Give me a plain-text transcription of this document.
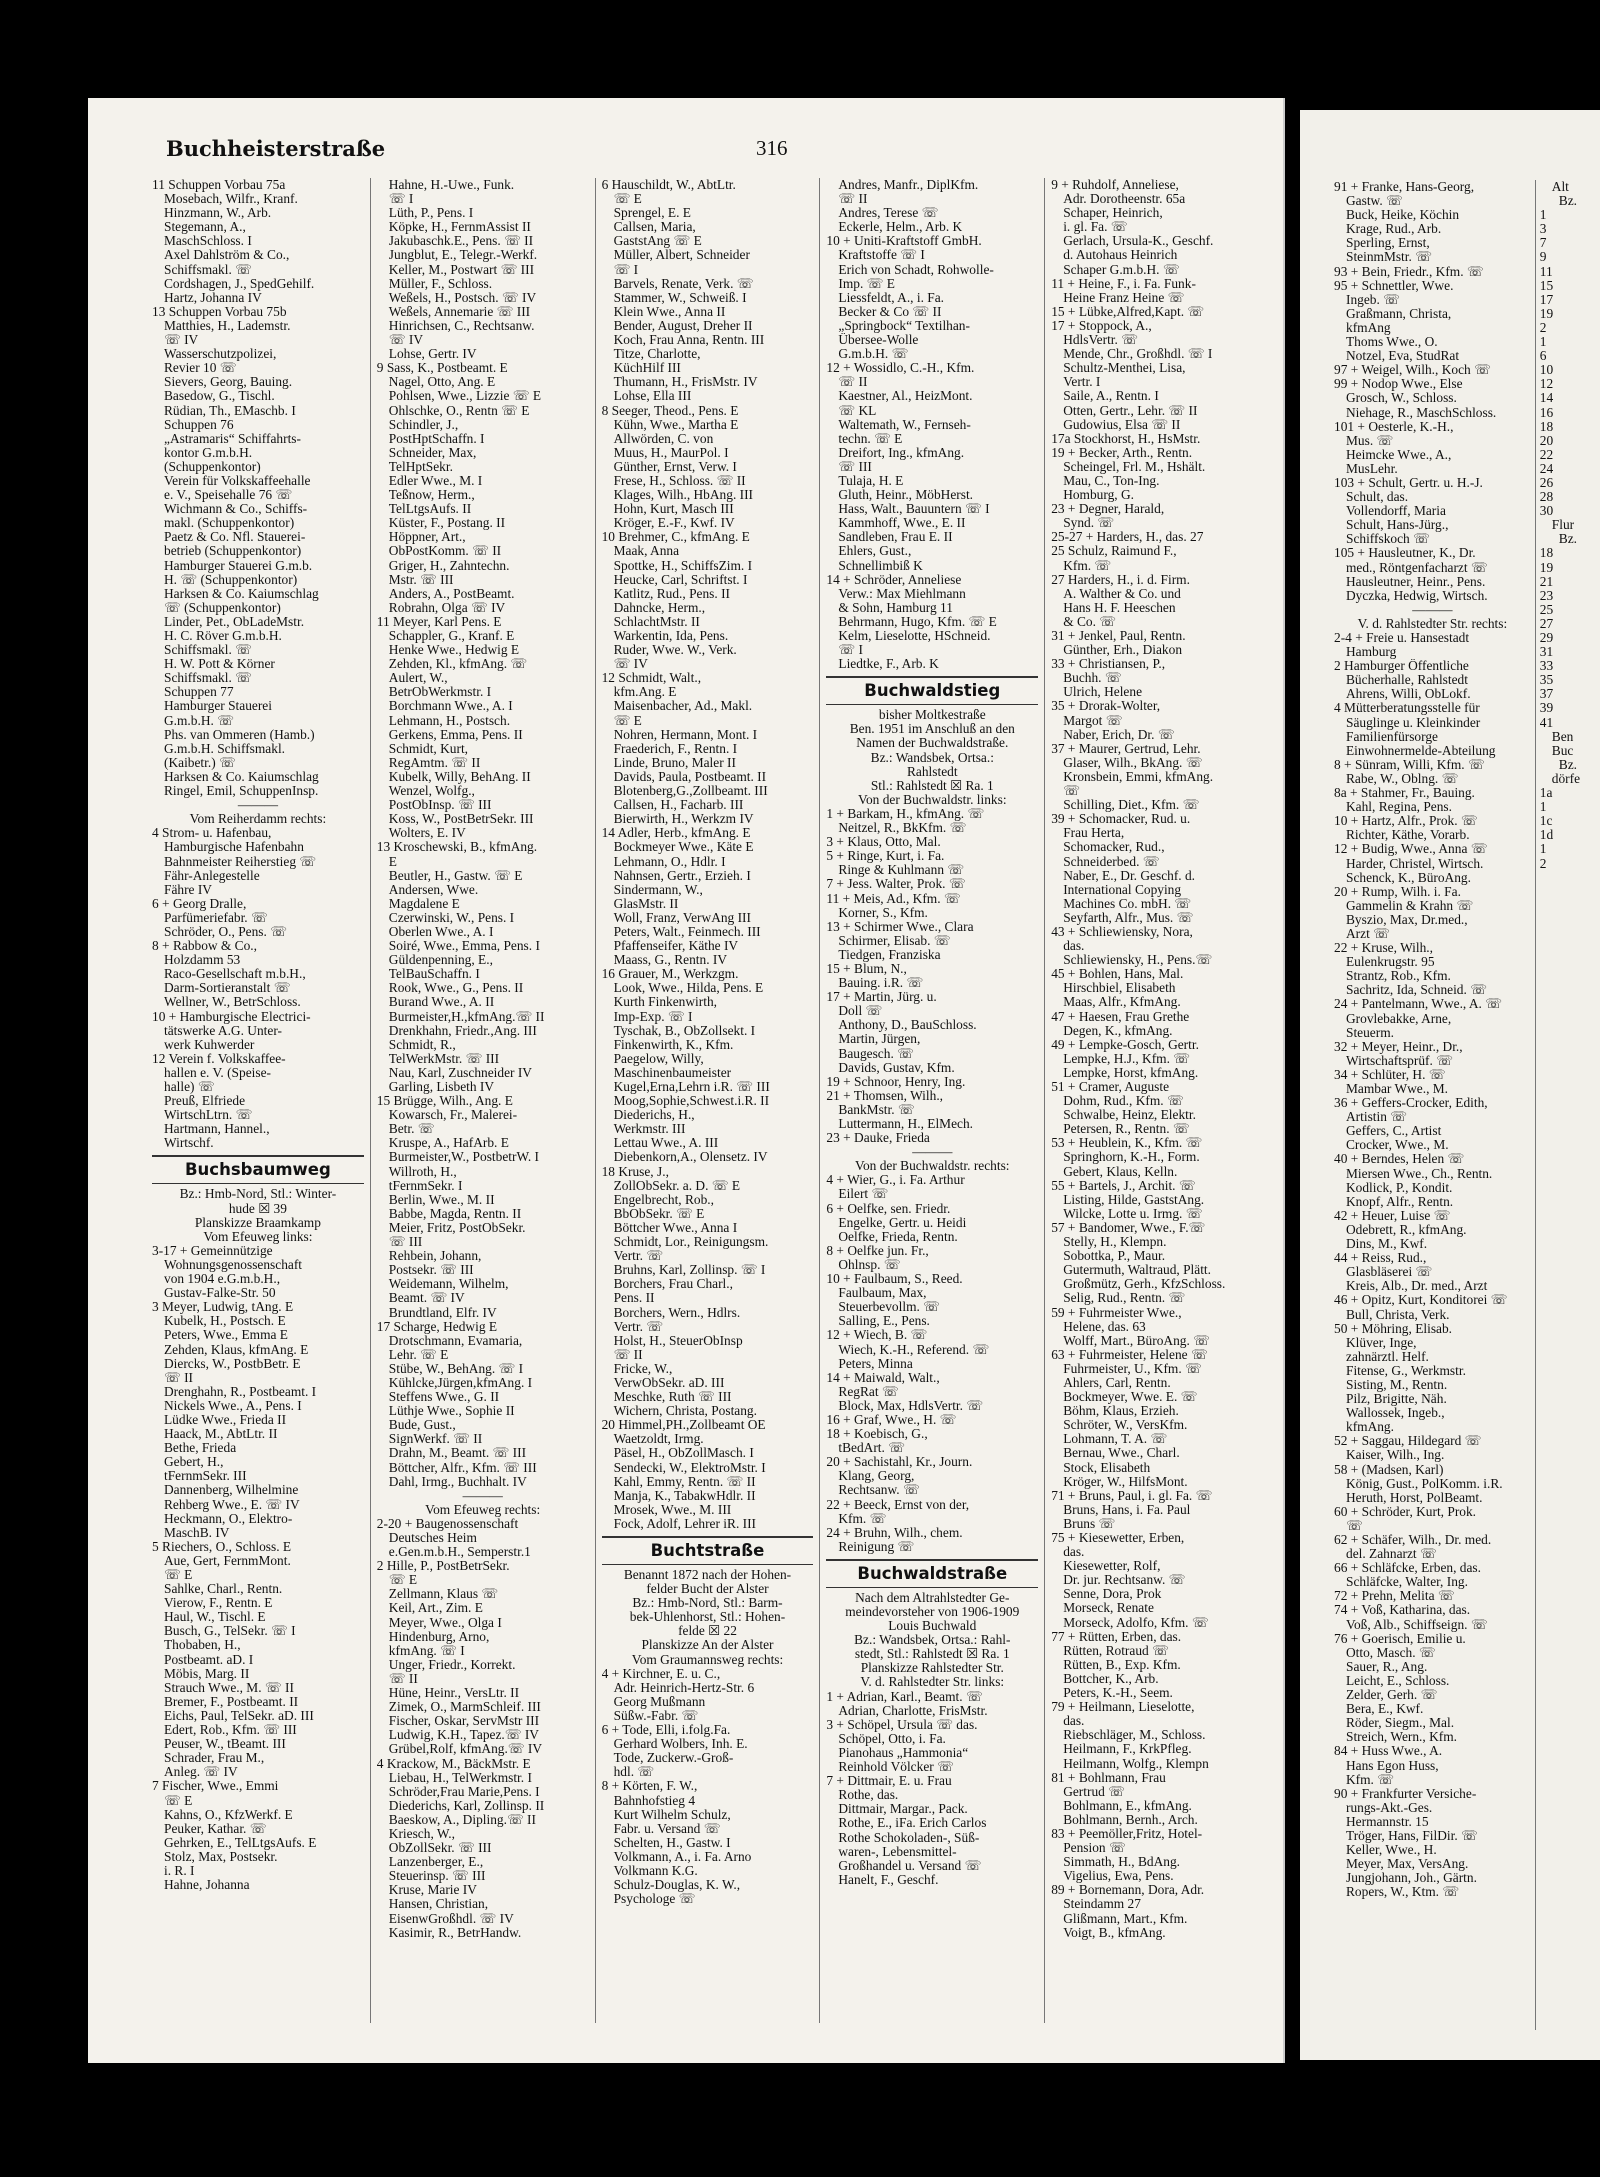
Buchheisterstraße	316
11 Schuppen Vorbau 75a
Mosebach, Wilfr., Kranf.
Hinzmann, W., Arb.
Stegemann, A.,
MaschSchloss. I
Axel Dahlström & Co.,
Schiffsmakl. ☏
Cordshagen, J., SpedGehilf.
Hartz, Johanna IV
13 Schuppen Vorbau 75b
Matthies, H., Lademstr.
☏ IV
Wasserschutzpolizei,
Revier 10 ☏
Sievers, Georg, Bauing.
Basedow, G., Tischl.
Rüdian, Th., EMaschb. I
Schuppen 76
„Astramaris“ Schiffahrts-
kontor G.m.b.H.
(Schuppenkontor)
Verein für Volkskaffeehalle
e. V., Speisehalle 76 ☏
Wichmann & Co., Schiffs-
makl. (Schuppenkontor)
Paetz & Co. Nfl. Stauerei-
betrieb (Schuppenkontor)
Hamburger Stauerei G.m.b.
H. ☏ (Schuppenkontor)
Harksen & Co. Kaiumschlag
☏ (Schuppenkontor)
Linder, Pet., ObLadeMstr.
H. C. Röver G.m.b.H.
Schiffsmakl. ☏
H. W. Pott & Körner
Schiffsmakl. ☏
Schuppen 77
Hamburger Stauerei
G.m.b.H. ☏
Phs. van Ommeren (Hamb.)
G.m.b.H. Schiffsmakl.
(Kaibetr.) ☏
Harksen & Co. Kaiumschlag
Ringel, Emil, SchuppenInsp.
———
Vom Reiherdamm rechts:
4 Strom- u. Hafenbau,
Hamburgische Hafenbahn
Bahnmeister Reiherstieg ☏
Fähr-Anlegestelle
Fähre IV
6 + Georg Dralle,
Parfümeriefabr. ☏
Schröder, O., Pens. ☏
8 + Rabbow & Co.,
Holzdamm 53
Raco-Gesellschaft m.b.H.,
Darm-Sortieranstalt ☏
Wellner, W., BetrSchloss.
10 + Hamburgische Electrici-
tätswerke A.G. Unter-
werk Kuhwerder
12 Verein f. Volkskaffee-
hallen e. V. (Speise-
halle) ☏
Preuß, Elfriede
WirtschLtrn. ☏
Hartmann, Hannel.,
Wirtschf.
Buchsbaumweg
Bz.: Hmb-Nord, Stl.: Winter-
hude ☒ 39
Planskizze Braamkamp
Vom Efeuweg links:
3-17 + Gemeinnützige
Wohnungsgenossenschaft
von 1904 e.G.m.b.H.,
Gustav-Falke-Str. 50
3 Meyer, Ludwig, tAng. E
Kubelk, H., Postsch. E
Peters, Wwe., Emma E
Zehden, Klaus, kfmAng. E
Diercks, W., PostbBetr. E
☏ II
Drenghahn, R., Postbeamt. I
Nickels Wwe., A., Pens. I
Lüdke Wwe., Frieda II
Haack, M., AbtLtr. II
Bethe, Frieda
Gebert, H.,
tFernmSekr. III
Dannenberg, Wilhelmine
Rehberg Wwe., E. ☏ IV
Heckmann, O., Elektro-
MaschB. IV
5 Riechers, O., Schloss. E
Aue, Gert, FernmMont.
☏ E
Sahlke, Charl., Rentn.
Vierow, F., Rentn. E
Haul, W., Tischl. E
Busch, G., TelSekr. ☏ I
Thobaben, H.,
Postbeamt. aD. I
Möbis, Marg. II
Strauch Wwe., M. ☏ II
Bremer, F., Postbeamt. II
Eichs, Paul, TelSekr. aD. III
Edert, Rob., Kfm. ☏ III
Peuser, W., tBeamt. III
Schrader, Frau M.,
Anleg. ☏ IV
7 Fischer, Wwe., Emmi
☏ E
Kahns, O., KfzWerkf. E
Peuker, Kathar. ☏
Gehrken, E., TelLtgsAufs. E
Stolz, Max, Postsekr.
i. R. I
Hahne, Johanna
Hahne, H.-Uwe., Funk.
☏ I
Lüth, P., Pens. I
Köpke, H., FernmAssist II
Jakubaschk.E., Pens. ☏ II
Jungblut, E., Telegr.-Werkf.
Keller, M., Postwart ☏ III
Müller, F., Schloss.
Weßels, H., Postsch. ☏ IV
Weßels, Annemarie ☏ III
Hinrichsen, C., Rechtsanw.
☏ IV
Lohse, Gertr. IV
9 Sass, K., Postbeamt. E
Nagel, Otto, Ang. E
Pohlsen, Wwe., Lizzie ☏ E
Ohlschke, O., Rentn ☏ E
Schindler, J.,
PostHptSchaffn. I
Schneider, Max,
TelHptSekr.
Edler Wwe., M. I
Teßnow, Herm.,
TelLtgsAufs. II
Küster, F., Postang. II
Höppner, Art.,
ObPostKomm. ☏ II
Griger, H., Zahntechn.
Mstr. ☏ III
Anders, A., PostBeamt.
Robrahn, Olga ☏ IV
11 Meyer, Karl Pens. E
Schappler, G., Kranf. E
Henke Wwe., Hedwig E
Zehden, Kl., kfmAng. ☏
Aulert, W.,
BetrObWerkmstr. I
Borchmann Wwe., A. I
Lehmann, H., Postsch.
Gerkens, Emma, Pens. II
Schmidt, Kurt,
RegAmtm. ☏ II
Kubelk, Willy, BehAng. II
Wenzel, Wolfg.,
PostObInsp. ☏ III
Koss, W., PostBetrSekr. III
Wolters, E. IV
13 Kroschewski, B., kfmAng.
E
Beutler, H., Gastw. ☏ E
Andersen, Wwe.
Magdalene E
Czerwinski, W., Pens. I
Oberlen Wwe., A. I
Soiré, Wwe., Emma, Pens. I
Güldenpenning, E.,
TelBauSchaffn. I
Rook, Wwe., G., Pens. II
Burand Wwe., A. II
Burmeister,H.,kfmAng.☏ II
Drenkhahn, Friedr.,Ang. III
Schmidt, R.,
TelWerkMstr. ☏ III
Nau, Karl, Zuschneider IV
Garling, Lisbeth IV
15 Brügge, Wilh., Ang. E
Kowarsch, Fr., Malerei-
Betr. ☏
Kruspe, A., HafArb. E
Burmeister,W., PostbetrW. I
Willroth, H.,
tFernmSekr. I
Berlin, Wwe., M. II
Babbe, Magda, Rentn. II
Meier, Fritz, PostObSekr.
☏ III
Rehbein, Johann,
Postsekr. ☏ III
Weidemann, Wilhelm,
Beamt. ☏ IV
Brundtland, Elfr. IV
17 Scharge, Hedwig E
Drotschmann, Evamaria,
Lehr. ☏ E
Stübe, W., BehAng. ☏ I
Kühlcke,Jürgen,kfmAng. I
Steffens Wwe., G. II
Lüthje Wwe., Sophie II
Bude, Gust.,
SignWerkf. ☏ II
Drahn, M., Beamt. ☏ III
Böttcher, Alfr., Kfm. ☏ III
Dahl, Irmg., Buchhalt. IV
———
Vom Efeuweg rechts:
2-20 + Baugenossenschaft
Deutsches Heim
e.Gen.m.b.H., Semperstr.1
2 Hille, P., PostBetrSekr.
☏ E
Zellmann, Klaus ☏
Keil, Art., Zim. E
Meyer, Wwe., Olga I
Hindenburg, Arno,
kfmAng. ☏ I
Unger, Friedr., Korrekt.
☏ II
Hüne, Heinr., VersLtr. II
Zimek, O., MarmSchleif. III
Fischer, Oskar, ServMstr III
Ludwig, K.H., Tapez.☏ IV
Grübel,Rolf, kfmAng.☏ IV
4 Krackow, M., BäckMstr. E
Liebau, H., TelWerkmstr. I
Schröder,Frau Marie,Pens. I
Diederichs, Karl, Zollinsp. II
Baeskow, A., Dipling.☏ II
Kriesch, W.,
ObZollSekr. ☏ III
Lanzenberger, E.,
Steuerinsp. ☏ III
Kruse, Marie IV
Hansen, Christian,
EisenwGroßhdl. ☏ IV
Kasimir, R., BetrHandw.
6 Hauschildt, W., AbtLtr.
☏ E
Sprengel, E. E
Callsen, Maria,
GaststAng ☏ E
Müller, Albert, Schneider
☏ I
Barvels, Renate, Verk. ☏
Stammer, W., Schweiß. I
Klein Wwe., Anna II
Bender, August, Dreher II
Koch, Frau Anna, Rentn. III
Titze, Charlotte,
KüchHilf III
Thumann, H., FrisMstr. IV
Lohse, Ella III
8 Seeger, Theod., Pens. E
Kühn, Wwe., Martha E
Allwörden, C. von
Muus, H., MaurPol. I
Günther, Ernst, Verw. I
Frese, H., Schloss. ☏ II
Klages, Wilh., HbAng. III
Hohn, Kurt, Masch III
Kröger, E.-F., Kwf. IV
10 Brehmer, C., kfmAng. E
Maak, Anna
Spottke, H., SchiffsZim. I
Heucke, Carl, Schriftst. I
Katlitz, Rud., Pens. II
Dahncke, Herm.,
SchlachtMstr. II
Warkentin, Ida, Pens.
Ruder, Wwe. W., Verk.
☏ IV
12 Schmidt, Walt.,
kfm.Ang. E
Maisenbacher, Ad., Makl.
☏ E
Nohren, Hermann, Mont. I
Fraederich, F., Rentn. I
Linde, Bruno, Maler II
Davids, Paula, Postbeamt. II
Blotenberg,G.,Zollbeamt. III
Callsen, H., Facharb. III
Bierwirth, H., Werkzm IV
14 Adler, Herb., kfmAng. E
Bockmeyer Wwe., Käte E
Lehmann, O., Hdlr. I
Nahnsen, Gertr., Erzieh. I
Sindermann, W.,
GlasMstr. II
Woll, Franz, VerwAng III
Peters, Walt., Feinmech. III
Pfaffenseifer, Käthe IV
Maass, G., Rentn. IV
16 Grauer, M., Werkzgm.
Look, Wwe., Hilda, Pens. E
Kurth Finkenwirth,
Imp-Exp. ☏ I
Tyschak, B., ObZollsekt. I
Finkenwirth, K., Kfm.
Paegelow, Willy,
Maschinenbaumeister
Kugel,Erna,Lehrn i.R. ☏ III
Moog,Sophie,Schwest.i.R. II
Diederichs, H.,
Werkmstr. III
Lettau Wwe., A. III
Diebenkorn,A., Olensetz. IV
18 Kruse, J.,
ZollObSekr. a. D. ☏ E
Engelbrecht, Rob.,
BbObSekr. ☏ E
Böttcher Wwe., Anna I
Schmidt, Lor., Reinigungsm.
Vertr. ☏
Bruhns, Karl, Zollinsp. ☏ I
Borchers, Frau Charl.,
Pens. II
Borchers, Wern., Hdlrs.
Vertr. ☏
Holst, H., SteuerObInsp
☏ II
Fricke, W.,
VerwObSekr. aD. III
Meschke, Ruth ☏ III
Wichern, Christa, Postang.
20 Himmel,PH.,Zollbeamt OE
Waetzoldt, Irmg.
Päsel, H., ObZollMasch. I
Sendecki, W., ElektroMstr. I
Kahl, Emmy, Rentn. ☏ II
Manja, K., TabakwHdlr. II
Mrosek, Wwe., M. III
Fock, Adolf, Lehrer iR. III
Buchtstraße
Benannt 1872 nach der Hohen-
felder Bucht der Alster
Bz.: Hmb-Nord, Stl.: Barm-
bek-Uhlenhorst, Stl.: Hohen-
felde ☒ 22
Planskizze An der Alster
Vom Graumannsweg rechts:
4 + Kirchner, E. u. C.,
Adr. Heinrich-Hertz-Str. 6
Georg Mußmann
Süßw.-Fabr. ☏
6 + Tode, Elli, i.folg.Fa.
Gerhard Wolbers, Inh. E.
Tode, Zuckerw.-Groß-
hdl. ☏
8 + Körten, F. W.,
Bahnhofstieg 4
Kurt Wilhelm Schulz,
Fabr. u. Versand ☏
Schelten, H., Gastw. I
Volkmann, A., i. Fa. Arno
Volkmann K.G.
Schulz-Douglas, K. W.,
Psychologe ☏
Andres, Manfr., DiplKfm.
☏ II
Andres, Terese ☏
Eckerle, Helm., Arb. K
10 + Uniti-Kraftstoff GmbH.
Kraftstoffe ☏ I
Erich von Schadt, Rohwolle-
Imp. ☏ E
Liessfeldt, A., i. Fa.
Becker & Co ☏ II
„Springbock“ Textilhan-
Übersee-Wolle
G.m.b.H. ☏
12 + Wossidlo, C.-H., Kfm.
☏ II
Kaestner, Al., HeizMont.
☏ KL
Waltemath, W., Fernseh-
techn. ☏ E
Dreifort, Ing., kfmAng.
☏ III
Tulaja, H. E
Gluth, Heinr., MöbHerst.
Hass, Walt., Bauuntern ☏ I
Kammhoff, Wwe., E. II
Sandleben, Frau E. II
Ehlers, Gust.,
Schnellimbiß K
14 + Schröder, Anneliese
Verw.: Max Miehlmann
& Sohn, Hamburg 11
Behrmann, Hugo, Kfm. ☏ E
Kelm, Lieselotte, HSchneid.
☏ I
Liedtke, F., Arb. K
Buchwaldstieg
bisher Moltkestraße
Ben. 1951 im Anschluß an den
Namen der Buchwaldstraße.
Bz.: Wandsbek, Ortsa.:
Rahlstedt
Stl.: Rahlstedt ☒ Ra. 1
Von der Buchwaldstr. links:
1 + Barkam, H., kfmAng. ☏
Neitzel, R., BkKfm. ☏
3 + Klaus, Otto, Mal.
5 + Ringe, Kurt, i. Fa.
Ringe & Kuhlmann ☏
7 + Jess. Walter, Prok. ☏
11 + Meis, Ad., Kfm. ☏
Korner, S., Kfm.
13 + Schirmer Wwe., Clara
Schirmer, Elisab. ☏
Tiedgen, Franziska
15 + Blum, N.,
Bauing. i.R. ☏
17 + Martin, Jürg. u.
Doll ☏
Anthony, D., BauSchloss.
Martin, Jürgen,
Baugesch. ☏
Davids, Gustav, Kfm.
19 + Schnoor, Henry, Ing.
21 + Thomsen, Wilh.,
BankMstr. ☏
Luttermann, H., ElMech.
23 + Dauke, Frieda
———
Von der Buchwaldstr. rechts:
4 + Wier, G., i. Fa. Arthur
Eilert ☏
6 + Oelfke, sen. Friedr.
Engelke, Gertr. u. Heidi
Oelfke, Frieda, Rentn.
8 + Oelfke jun. Fr.,
Ohlnsp. ☏
10 + Faulbaum, S., Reed.
Faulbaum, Max,
Steuerbevollm. ☏
Salling, E., Pens.
12 + Wiech, B. ☏
Wiech, K.-H., Referend. ☏
Peters, Minna
14 + Maiwald, Walt.,
RegRat ☏
Block, Max, HdlsVertr. ☏
16 + Graf, Wwe., H. ☏
18 + Koebisch, G.,
tBedArt. ☏
20 + Sachistahl, Kr., Journ.
Klang, Georg,
Rechtsanw. ☏
22 + Beeck, Ernst von der,
Kfm. ☏
24 + Bruhn, Wilh., chem.
Reinigung ☏
Buchwaldstraße
Nach dem Altrahlstedter Ge-
meindevorsteher von 1906-1909
Louis Buchwald
Bz.: Wandsbek, Ortsa.: Rahl-
stedt, Stl.: Rahlstedt ☒ Ra. 1
Planskizze Rahlstedter Str.
V. d. Rahlstedter Str. links:
1 + Adrian, Karl., Beamt. ☏
Adrian, Charlotte, FrisMstr.
3 + Schöpel, Ursula ☏ das.
Schöpel, Otto, i. Fa.
Pianohaus „Hammonia“
Reinhold Völcker ☏
7 + Dittmair, E. u. Frau
Rothe, das.
Dittmair, Margar., Pack.
Rothe, E., iFa. Erich Carlos
Rothe Schokoladen-, Süß-
waren-, Lebensmittel-
Großhandel u. Versand ☏
Hanelt, F., Geschf.
9 + Ruhdolf, Anneliese,
Adr. Dorotheenstr. 65a
Schaper, Heinrich,
i. gl. Fa. ☏
Gerlach, Ursula-K., Geschf.
d. Autohaus Heinrich
Schaper G.m.b.H. ☏
11 + Heine, F., i. Fa. Funk-
Heine Franz Heine ☏
15 + Lübke,Alfred,Kapt. ☏
17 + Stoppock, A.,
HdlsVertr. ☏
Mende, Chr., Großhdl. ☏ I
Schultz-Menthei, Lisa,
Vertr. I
Saile, A., Rentn. I
Otten, Gertr., Lehr. ☏ II
Gudowius, Elsa ☏ II
17a Stockhorst, H., HsMstr.
19 + Becker, Arth., Rentn.
Scheingel, Frl. M., Hshält.
Mau, C., Ton-Ing.
Homburg, G.
23 + Degner, Harald,
Synd. ☏
25-27 + Harders, H., das. 27
25 Schulz, Raimund F.,
Kfm. ☏
27 Harders, H., i. d. Firm.
A. Walther & Co. und
Hans H. F. Heeschen
& Co. ☏
31 + Jenkel, Paul, Rentn.
Günther, Erh., Diakon
33 + Christiansen, P.,
Buchh. ☏
Ulrich, Helene
35 + Drorak-Wolter,
Margot ☏
Naber, Erich, Dr. ☏
37 + Maurer, Gertrud, Lehr.
Glaser, Wilh., BkAng. ☏
Kronsbein, Emmi, kfmAng.
☏
Schilling, Diet., Kfm. ☏
39 + Schomacker, Rud. u.
Frau Herta,
Schomacker, Rud.,
Schneiderbed. ☏
Naber, E., Dr. Geschf. d.
International Copying
Machines Co. mbH. ☏
Seyfarth, Alfr., Mus. ☏
43 + Schliewiensky, Nora,
das.
Schliewiensky, H., Pens.☏
45 + Bohlen, Hans, Mal.
Hirschbiel, Elisabeth
Maas, Alfr., KfmAng.
47 + Haesen, Frau Grethe
Degen, K., kfmAng.
49 + Lempke-Gosch, Gertr.
Lempke, H.J., Kfm. ☏
Lempke, Horst, kfmAng.
51 + Cramer, Auguste
Dohm, Rud., Kfm. ☏
Schwalbe, Heinz, Elektr.
Petersen, R., Rentn. ☏
53 + Heublein, K., Kfm. ☏
Springhorn, K.-H., Form.
Gebert, Klaus, Kelln.
55 + Bartels, J., Archit. ☏
Listing, Hilde, GaststAng.
Wilcke, Lotte u. Irmg. ☏
57 + Bandomer, Wwe., F.☏
Stelly, H., Klempn.
Sobottka, P., Maur.
Gutermuth, Waltraud, Plätt.
Großmütz, Gerh., KfzSchloss.
Selig, Rud., Rentn. ☏
59 + Fuhrmeister Wwe.,
Helene, das. 63
Wolff, Mart., BüroAng. ☏
63 + Fuhrmeister, Helene ☏
Fuhrmeister, U., Kfm. ☏
Ahlers, Carl, Rentn.
Bockmeyer, Wwe. E. ☏
Böhm, Klaus, Erzieh.
Schröter, W., VersKfm.
Lohmann, T. A. ☏
Bernau, Wwe., Charl.
Stock, Elisabeth
Kröger, W., HilfsMont.
71 + Bruns, Paul, i. gl. Fa. ☏
Bruns, Hans, i. Fa. Paul
Bruns ☏
75 + Kiesewetter, Erben,
das.
Kiesewetter, Rolf,
Dr. jur. Rechtsanw. ☏
Senne, Dora, Prok
Morseck, Renate
Morseck, Adolfo, Kfm. ☏
77 + Rütten, Erben, das.
Rütten, Rotraud ☏
Rütten, B., Exp. Kfm.
Bottcher, K., Arb.
Peters, K.-H., Seem.
79 + Heilmann, Lieselotte,
das.
Riebschläger, M., Schloss.
Heilmann, F., KrkPfleg.
Heilmann, Wolfg., Klempn
81 + Bohlmann, Frau
Gertrud ☏
Bohlmann, E., kfmAng.
Bohlmann, Bernh., Arch.
83 + Peemöller,Fritz, Hotel-
Pension ☏
Simmath, H., BdAng.
Vigelius, Ewa, Pens.
89 + Bornemann, Dora, Adr.
Steindamm 27
Glißmann, Mart., Kfm.
Voigt, B., kfmAng.
91 + Franke, Hans-Georg,
Gastw. ☏
Buck, Heike, Köchin
Krage, Rud., Arb.
Sperling, Ernst,
SteinmMstr. ☏
93 + Bein, Friedr., Kfm. ☏
95 + Schnettler, Wwe.
Ingeb. ☏
Graßmann, Christa,
kfmAng
Thoms Wwe., O.
Notzel, Eva, StudRat
97 + Weigel, Wilh., Koch ☏
99 + Nodop Wwe., Else
Grosch, W., Schloss.
Niehage, R., MaschSchloss.
101 + Oesterle, K.-H.,
Mus. ☏
Heimcke Wwe., A.,
MusLehr.
103 + Schult, Gertr. u. H.-J.
Schult, das.
Vollendorff, Maria
Schult, Hans-Jürg.,
Schiffskoch ☏
105 + Hausleutner, K., Dr.
med., Röntgenfacharzt ☏
Hausleutner, Heinr., Pens.
Dyczka, Hedwig, Wirtsch.
———
V. d. Rahlstedter Str. rechts:
2-4 + Freie u. Hansestadt
Hamburg
2 Hamburger Öffentliche
Bücherhalle, Rahlstedt
Ahrens, Willi, ObLokf.
4 Mütterberatungsstelle für
Säuglinge u. Kleinkinder
Familienfürsorge
Einwohnermelde-Abteilung
8 + Sünram, Willi, Kfm. ☏
Rabe, W., Oblng. ☏
8a + Stahmer, Fr., Bauing.
Kahl, Regina, Pens.
10 + Hartz, Alfr., Prok. ☏
Richter, Käthe, Vorarb.
12 + Budig, Wwe., Anna ☏
Harder, Christel, Wirtsch.
Schenck, K., BüroAng.
20 + Rump, Wilh. i. Fa.
Gammelin & Krahn ☏
Byszio, Max, Dr.med.,
Arzt ☏
22 + Kruse, Wilh.,
Eulenkrugstr. 95
Strantz, Rob., Kfm.
Sachritz, Ida, Schneid. ☏
24 + Pantelmann, Wwe., A. ☏
Grovlebakke, Arne,
Steuerm.
32 + Meyer, Heinr., Dr.,
Wirtschaftsprüf. ☏
34 + Schlüter, H. ☏
Mambar Wwe., M.
36 + Geffers-Crocker, Edith,
Artistin ☏
Geffers, C., Artist
Crocker, Wwe., M.
40 + Berndes, Helen ☏
Miersen Wwe., Ch., Rentn.
Kodlick, P., Kondit.
Knopf, Alfr., Rentn.
42 + Heuer, Luise ☏
Odebrett, R., kfmAng.
Dins, M., Kwf.
44 + Reiss, Rud.,
Glasbläserei ☏
Kreis, Alb., Dr. med., Arzt
46 + Opitz, Kurt, Konditorei ☏
Bull, Christa, Verk.
50 + Möhring, Elisab.
Klüver, Inge,
zahnärztl. Helf.
Fitense, G., Werkmstr.
Sisting, M., Rentn.
Pilz, Brigitte, Näh.
Wallossek, Ingeb.,
kfmAng.
52 + Saggau, Hildegard ☏
Kaiser, Wilh., Ing.
58 + (Madsen, Karl)
König, Gust., PolKomm. i.R.
Heruth, Horst, PolBeamt.
60 + Schröder, Kurt, Prok.
☏
62 + Schäfer, Wilh., Dr. med.
del. Zahnarzt ☏
66 + Schläfcke, Erben, das.
Schläfcke, Walter, Ing.
72 + Prehn, Melita ☏
74 + Voß, Katharina, das.
Voß, Alb., Schiffseign. ☏
76 + Goerisch, Emilie u.
Otto, Masch. ☏
Sauer, R., Ang.
Leicht, E., Schloss.
Zelder, Gerh. ☏
Bera, E., Kwf.
Röder, Siegm., Mal.
Streich, Wern., Kfm.
84 + Huss Wwe., A.
Hans Egon Huss,
Kfm. ☏
90 + Frankfurter Versiche-
rungs-Akt.-Ges.
Hermannstr. 15
Tröger, Hans, FilDir. ☏
Keller, Wwe., H.
Meyer, Max, VersAng.
Jungjohann, Joh., Gärtn.
Ropers, W., Ktm. ☏
Alt
Bz.
1
3
7
9
11
15
17
19
2
1
6
10
12
14
16
18
20
22
24
26
28
30
Flur
Bz.
18
19
21
23
25
27
29
31
33
35
37
39
41
Ben
Buc
Bz.
dörfe
1a
1
1c
1d
1
2
